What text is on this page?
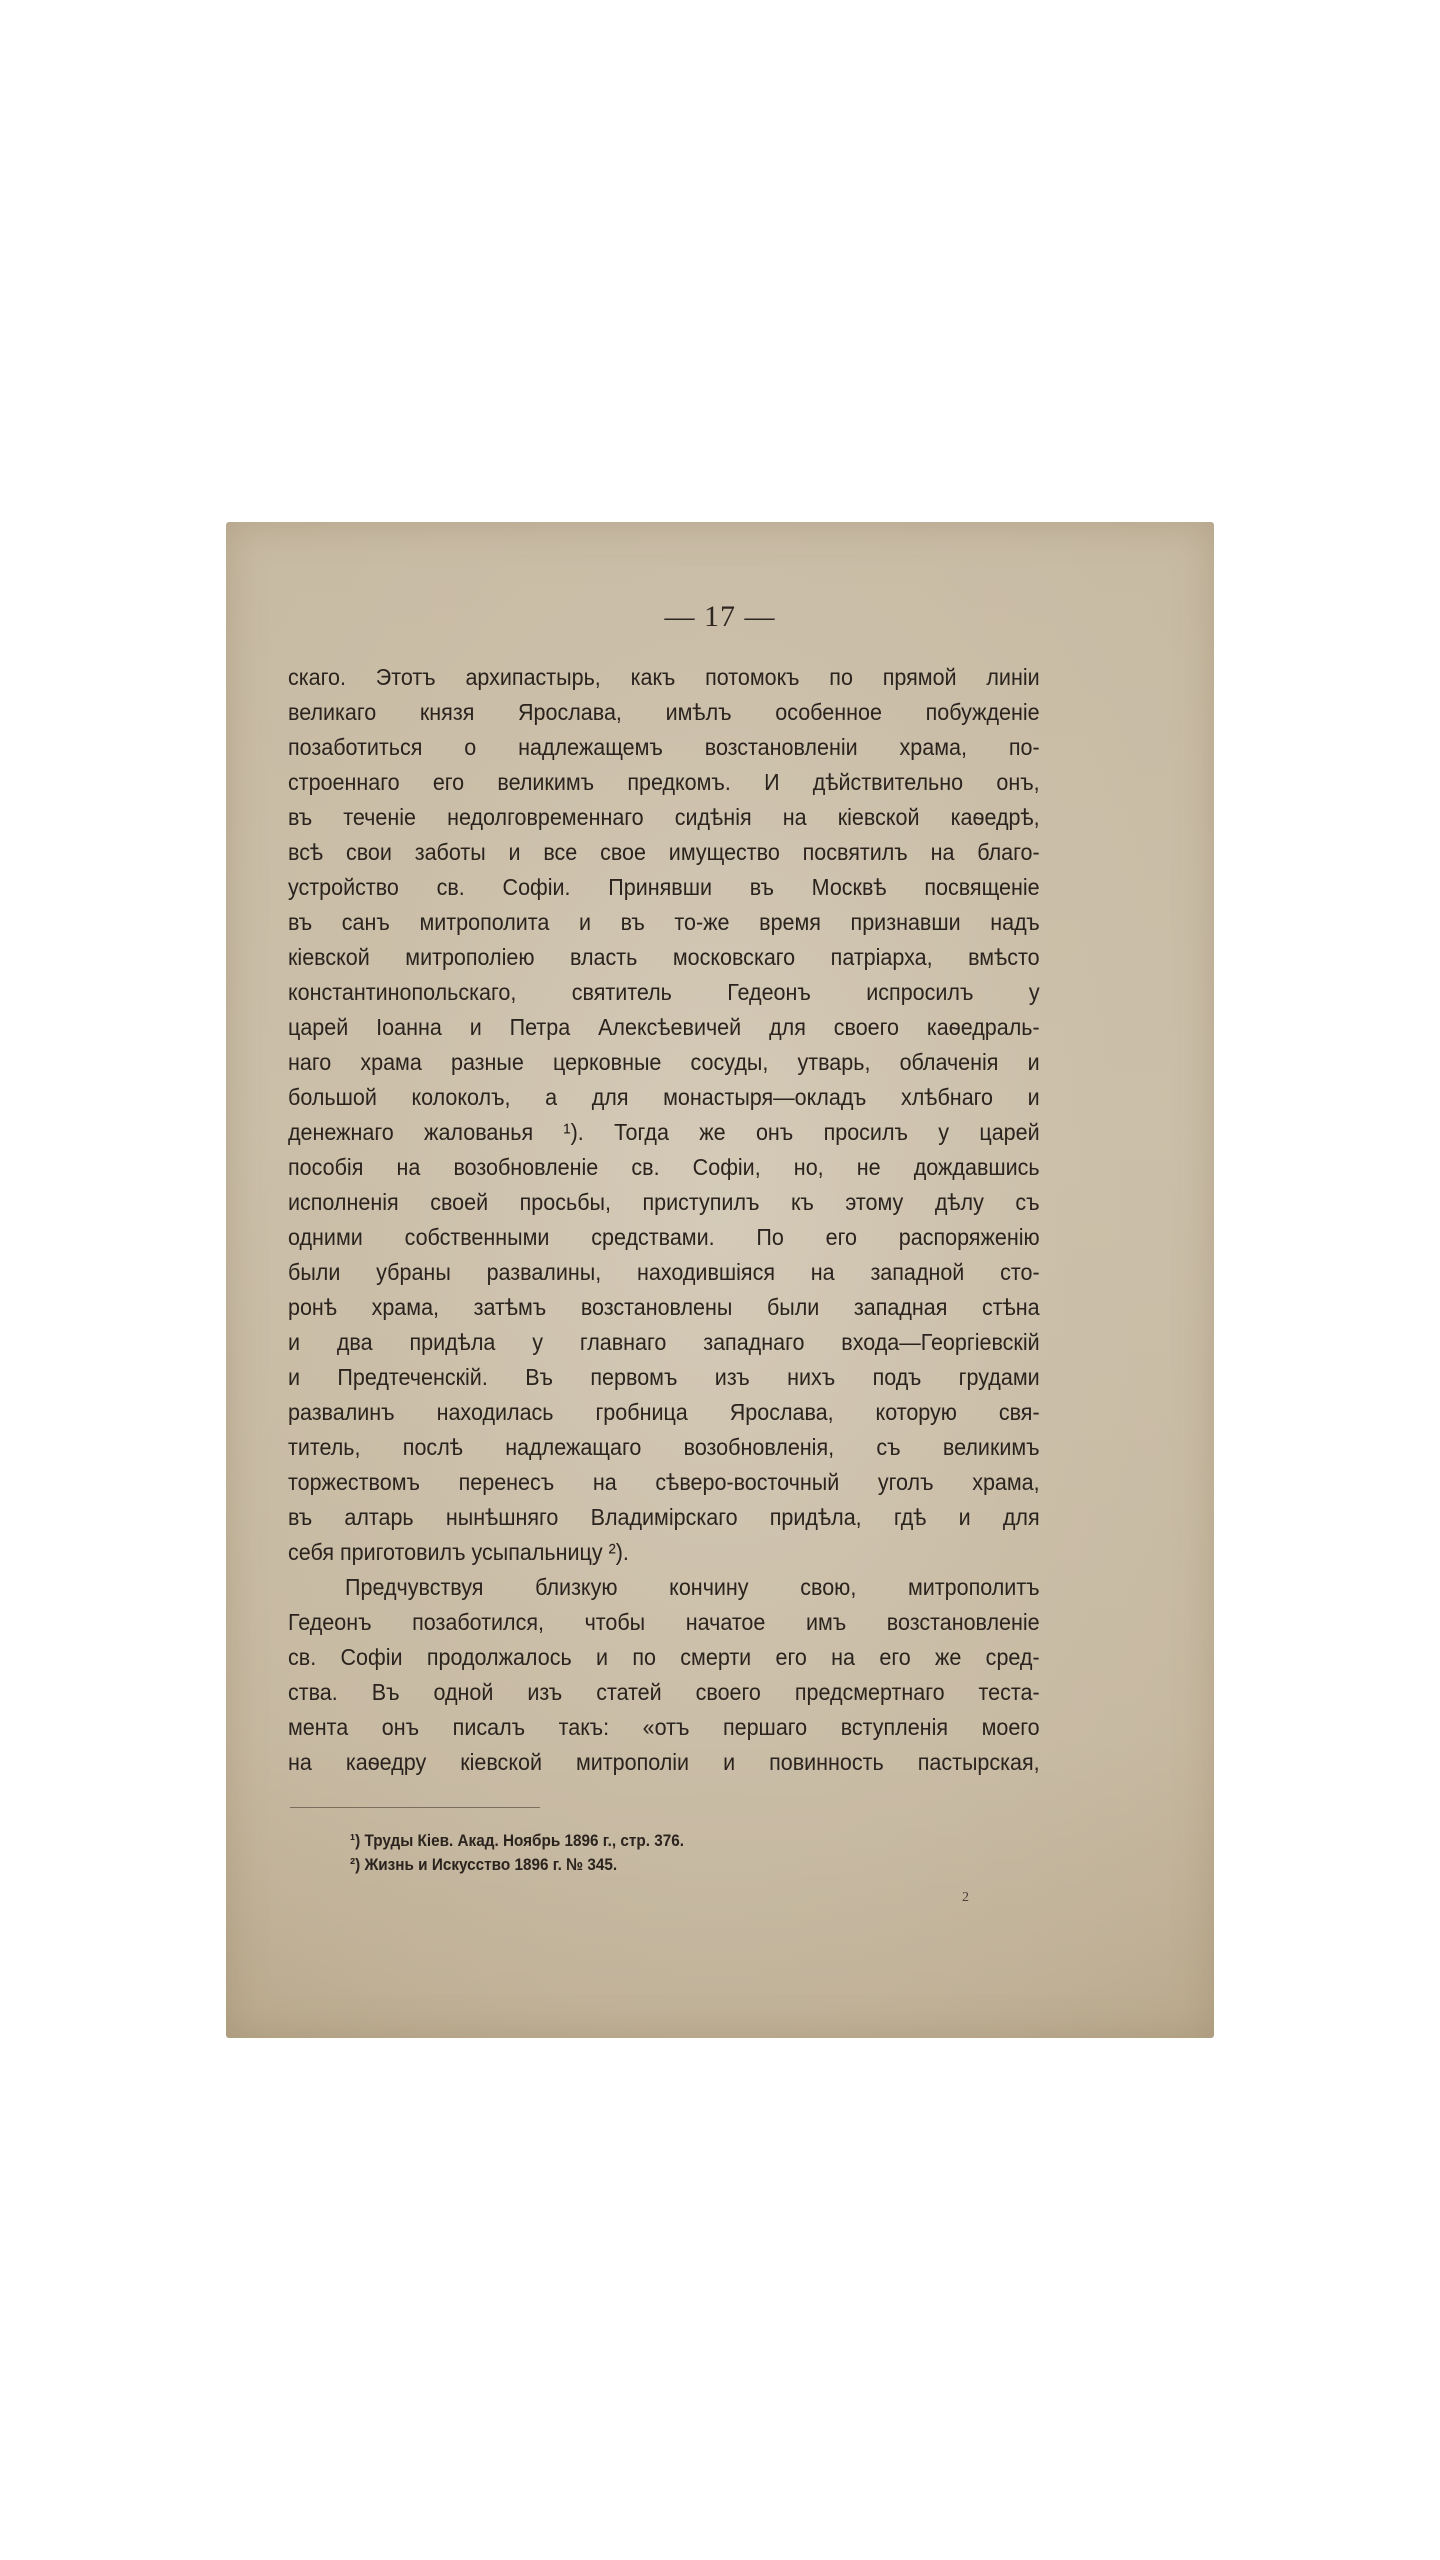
— 17 —
скаго. Этотъ архипастырь, какъ потомокъ по прямой линіи
великаго князя Ярослава, имѣлъ особенное побужденіе
позаботиться о надлежащемъ возстановленіи храма, по-
строеннаго его великимъ предкомъ. И дѣйствительно онъ,
въ теченіе недолговременнаго сидѣнія на кіевской каѳедрѣ,
всѣ свои заботы и все свое имущество посвятилъ на благо-
устройство св. Софіи. Принявши въ Москвѣ посвященіе
въ санъ митрополита и въ то-же время признавши надъ
кіевской митрополіею власть московскаго патріарха, вмѣсто
константинопольскаго, святитель Гедеонъ испросилъ у
царей Іоанна и Петра Алексѣевичей для своего каѳедраль-
наго храма разные церковные сосуды, утварь, облаченія и
большой колоколъ, а для монастыря—окладъ хлѣбнаго и
денежнаго жалованья ¹). Тогда же онъ просилъ у царей
пособія на возобновленіе св. Софіи, но, не дождавшись
исполненія своей просьбы, приступилъ къ этому дѣлу съ
одними собственными средствами. По его распоряженію
были убраны развалины, находившіяся на западной сто-
ронѣ храма, затѣмъ возстановлены были западная стѣна
и два придѣла у главнаго западнаго входа—Георгіевскій
и Предтеченскій. Въ первомъ изъ нихъ подъ грудами
развалинъ находилась гробница Ярослава, которую свя-
титель, послѣ надлежащаго возобновленія, съ великимъ
торжествомъ перенесъ на сѣверо-восточный уголъ храма,
въ алтарь нынѣшняго Владимірскаго придѣла, гдѣ и для
себя приготовилъ усыпальницу ²).
Предчувствуя близкую кончину свою, митрополитъ
Гедеонъ позаботился, чтобы начатое имъ возстановленіе
св. Софіи продолжалось и по смерти его на его же сред-
ства. Въ одной изъ статей своего предсмертнаго теста-
мента онъ писалъ такъ: «отъ першаго вступленія моего
на каѳедру кіевской митрополіи и повинность пастырская,
¹) Труды Кіев. Акад. Ноябрь 1896 г., стр. 376.
²) Жизнь и Искусство 1896 г. № 345.
2
